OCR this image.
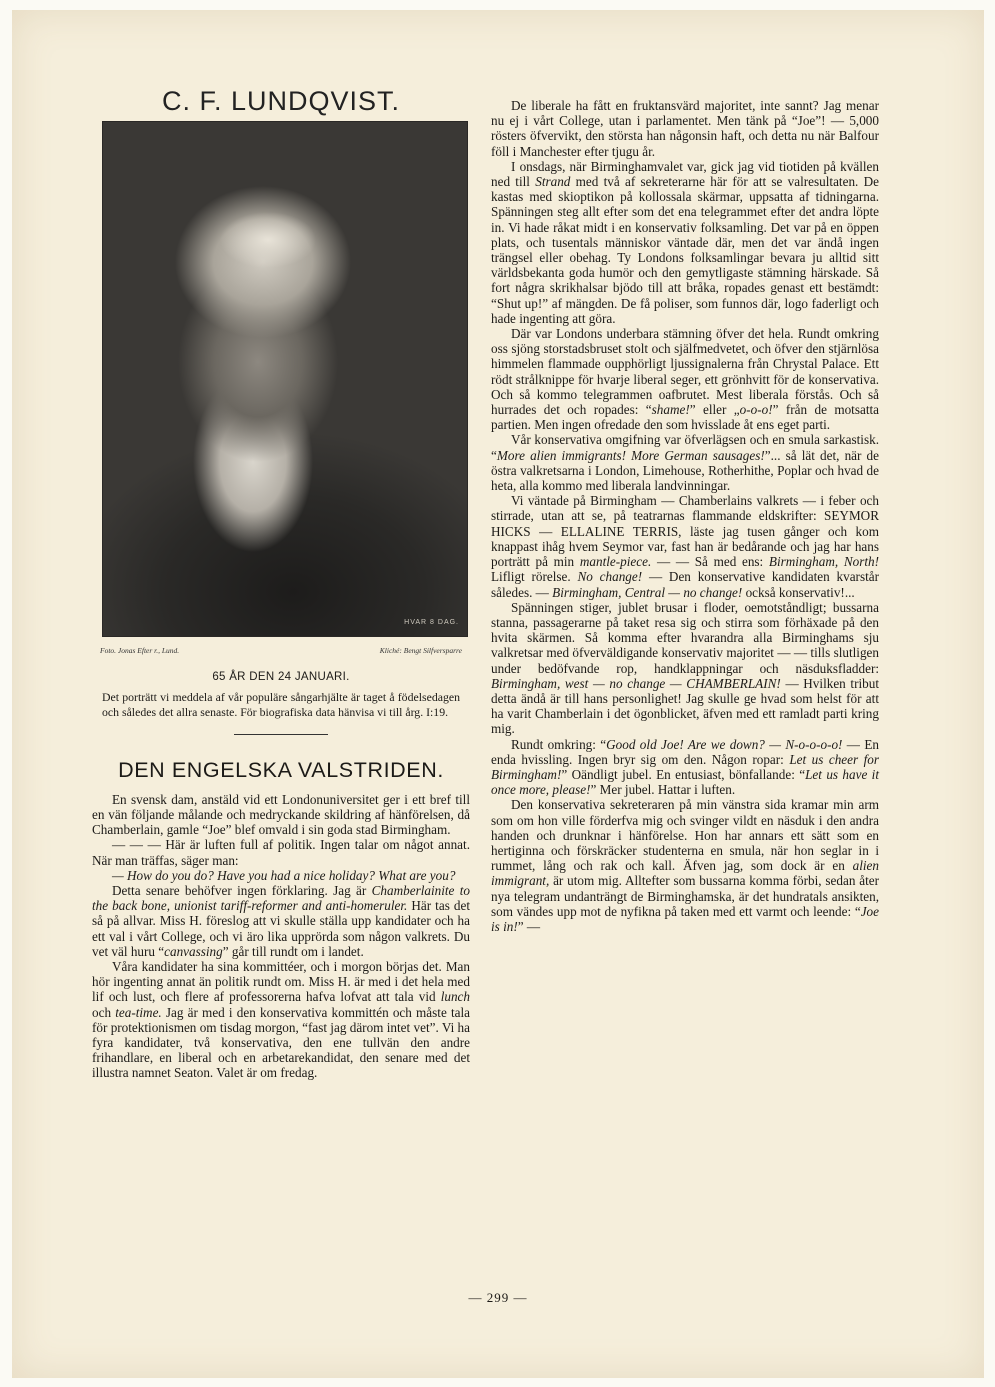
C. F. LUNDQVIST.
HVAR 8 DAG.
Foto. Jonas Efter r., Lund.	Kliché: Bengt Silfversparre
65 ÅR DEN 24 JANUARI.
Det porträtt vi meddela af vår populäre sångarhjälte är taget å födelsedagen och således det allra senaste. För biografiska data hänvisa vi till årg. I:19.
DEN ENGELSKA VALSTRIDEN.

En svensk dam, anstäld vid ett Londonuniversitet ger i ett bref till en vän följande målande och medryckande skildring af hänförelsen, då Chamberlain, gamle “Joe” blef omvald i sin goda stad Birmingham.

— — — Här är luften full af politik. Ingen talar om något annat. När man träffas, säger man:

— How do you do? Have you had a nice holiday? What are you?

Detta senare behöfver ingen förklaring. Jag är Chamberlainite to the back bone, unionist tariff-reformer and anti-homeruler. Här tas det så på allvar. Miss H. föreslog att vi skulle ställa upp kandidater och ha ett val i vårt College, och vi äro lika upprörda som någon valkrets. Du vet väl huru “canvassing” går till rundt om i landet.

Våra kandidater ha sina kommittéer, och i morgon börjas det. Man hör ingenting annat än politik rundt om. Miss H. är med i det hela med lif och lust, och flere af professorerna hafva lofvat att tala vid lunch och tea-time. Jag är med i den konservativa kommittén och måste tala för protektionismen om tisdag morgon, “fast jag därom intet vet”. Vi ha fyra kandidater, två konservativa, den ene tullvän den andre frihandlare, en liberal och en arbetarekandidat, den senare med det illustra namnet Seaton. Valet är om fredag.

De liberale ha fått en fruktansvärd majoritet, inte sannt? Jag menar nu ej i vårt College, utan i parlamentet. Men tänk på “Joe”! — 5,000 rösters öfvervikt, den största han någonsin haft, och detta nu när Balfour föll i Manchester efter tjugu år.

I onsdags, när Birminghamvalet var, gick jag vid tiotiden på kvällen ned till Strand med två af sekreterarne här för att se valresultaten. De kastas med skioptikon på kollossala skärmar, uppsatta af tidningarna. Spänningen steg allt efter som det ena telegrammet efter det andra löpte in. Vi hade råkat midt i en konservativ folksamling. Det var på en öppen plats, och tusentals människor väntade där, men det var ändå ingen trängsel eller obehag. Ty Londons folksamlingar bevara ju alltid sitt världsbekanta goda humör och den gemytligaste stämning härskade. Så fort några skrikhalsar bjödo till att bråka, ropades genast ett bestämdt: “Shut up!” af mängden. De få poliser, som funnos där, logo faderligt och hade ingenting att göra.

Där var Londons underbara stämning öfver det hela. Rundt omkring oss sjöng storstadsbruset stolt och själfmedvetet, och öfver den stjärnlösa himmelen flammade oupphörligt ljussignalerna från Chrystal Palace. Ett rödt strålknippe för hvarje liberal seger, ett grönhvitt för de konservativa. Och så kommo telegrammen oafbrutet. Mest liberala förstås. Och så hurrades det och ropades: “shame!” eller „o-o-o!” från de motsatta partien. Men ingen ofredade den som hvisslade åt ens eget parti.

Vår konservativa omgifning var öfverlägsen och en smula sarkastisk. “More alien immigrants! More German sausages!”... så lät det, när de östra valkretsarna i London, Limehouse, Rotherhithe, Poplar och hvad de heta, alla kommo med liberala landvinningar.

Vi väntade på Birmingham — Chamberlains valkrets — i feber och stirrade, utan att se, på teatrarnas flammande eldskrifter: SEYMOR HICKS — ELLALINE TERRIS, läste jag tusen gånger och kom knappast ihåg hvem Seymor var, fast han är bedårande och jag har hans porträtt på min mantle-piece. — — Så med ens: Birmingham, North! Lifligt rörelse. No change! — Den konservative kandidaten kvarstår således. — Birmingham, Central — no change! också konservativ!...

Spänningen stiger, jublet brusar i floder, oemotståndligt; bussarna stanna, passagerarne på taket resa sig och stirra som förhäxade på den hvita skärmen. Så komma efter hvarandra alla Birminghams sju valkretsar med öfverväldigande konservativ majoritet — — tills slutligen under bedöfvande rop, handklappningar och näsduksfladder: Birmingham, west — no change — CHAMBERLAIN! — Hvilken tribut detta ändå är till hans personlighet! Jag skulle ge hvad som helst för att ha varit Chamberlain i det ögonblicket, äfven med ett ramladt parti kring mig.

Rundt omkring: “Good old Joe! Are we down? — N-o-o-o-o! — En enda hvissling. Ingen bryr sig om den. Någon ropar: Let us cheer for Birmingham!” Oändligt jubel. En entusiast, bönfallande: “Let us have it once more, please!” Mer jubel. Hattar i luften.

Den konservativa sekreteraren på min vänstra sida kramar min arm som om hon ville förderfva mig och svinger vildt en näsduk i den andra handen och drunknar i hänförelse. Hon har annars ett sätt som en hertiginna och förskräcker studenterna en smula, när hon seglar in i rummet, lång och rak och kall. Äfven jag, som dock är en alien immigrant, är utom mig. Alltefter som bussarna komma förbi, sedan åter nya telegram undanträngt de Birminghamska, är det hundratals ansikten, som vändes upp mot de nyfikna på taken med ett varmt och leende: “Joe is in!” —

— 299 —
